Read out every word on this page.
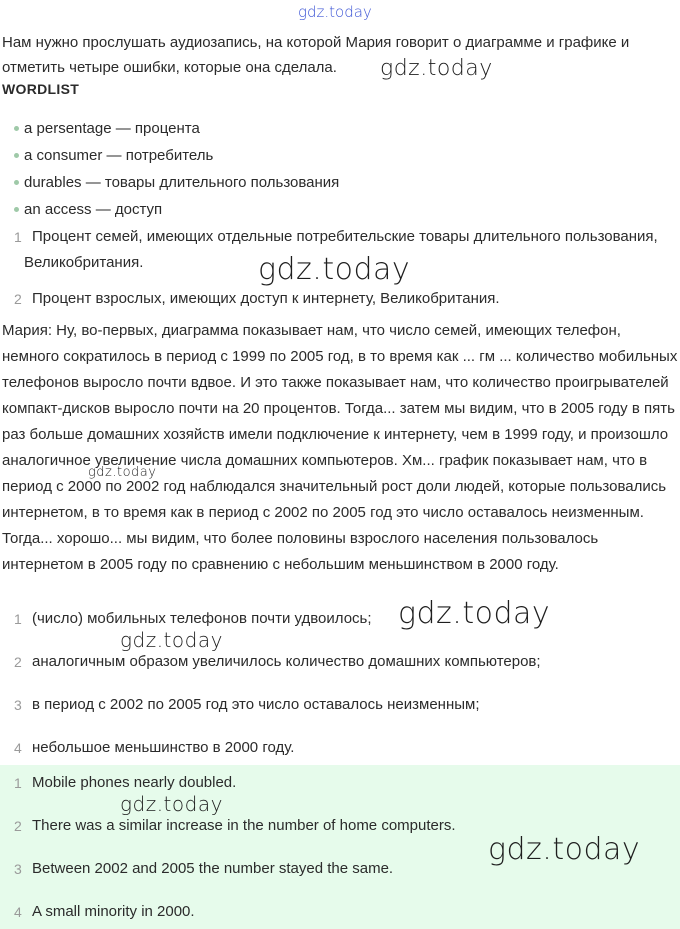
gdz.today
Нам нужно прослушать аудиозапись, на которой Мария говорит о диаграмме и графике и отметить четыре ошибки, которые она сделала.
WORDLIST
a persentage — процента
a consumer — потребитель
durables — товары длительного пользования
an access — доступ
1 Процент семей, имеющих отдельные потребительские товары длительного пользования, Великобритания.
2 Процент взрослых, имеющих доступ к интернету, Великобритания.
Мария: Ну, во-первых, диаграмма показывает нам, что число семей, имеющих телефон, немного сократилось в период с 1999 по 2005 год, в то время как ... гм ... количество мобильных телефонов выросло почти вдвое. И это также показывает нам, что количество проигрывателей компакт-дисков выросло почти на 20 процентов. Тогда... затем мы видим, что в 2005 году в пять раз больше домашних хозяйств имели подключение к интернету, чем в 1999 году, и произошло аналогичное увеличение числа домашних компьютеров. Хм... график показывает нам, что в период с 2000 по 2002 год наблюдался значительный рост доли людей, которые пользовались интернетом, в то время как в период с 2002 по 2005 год это число оставалось неизменным. Тогда... хорошо... мы видим, что более половины взрослого населения пользовалось интернетом в 2005 году по сравнению с небольшим меньшинством в 2000 году.
1 (число) мобильных телефонов почти удвоилось;
2 аналогичным образом увеличилось количество домашних компьютеров;
3 в период с 2002 по 2005 год это число оставалось неизменным;
4 небольшое меньшинство в 2000 году.
1 Mobile phones nearly doubled.
2 There was a similar increase in the number of home computers.
3 Between 2002 and 2005 the number stayed the same.
4 A small minority in 2000.
gdz.today
gdz.today
gdz.today
gdz.today
gdz.today
gdz.today
gdz.today
